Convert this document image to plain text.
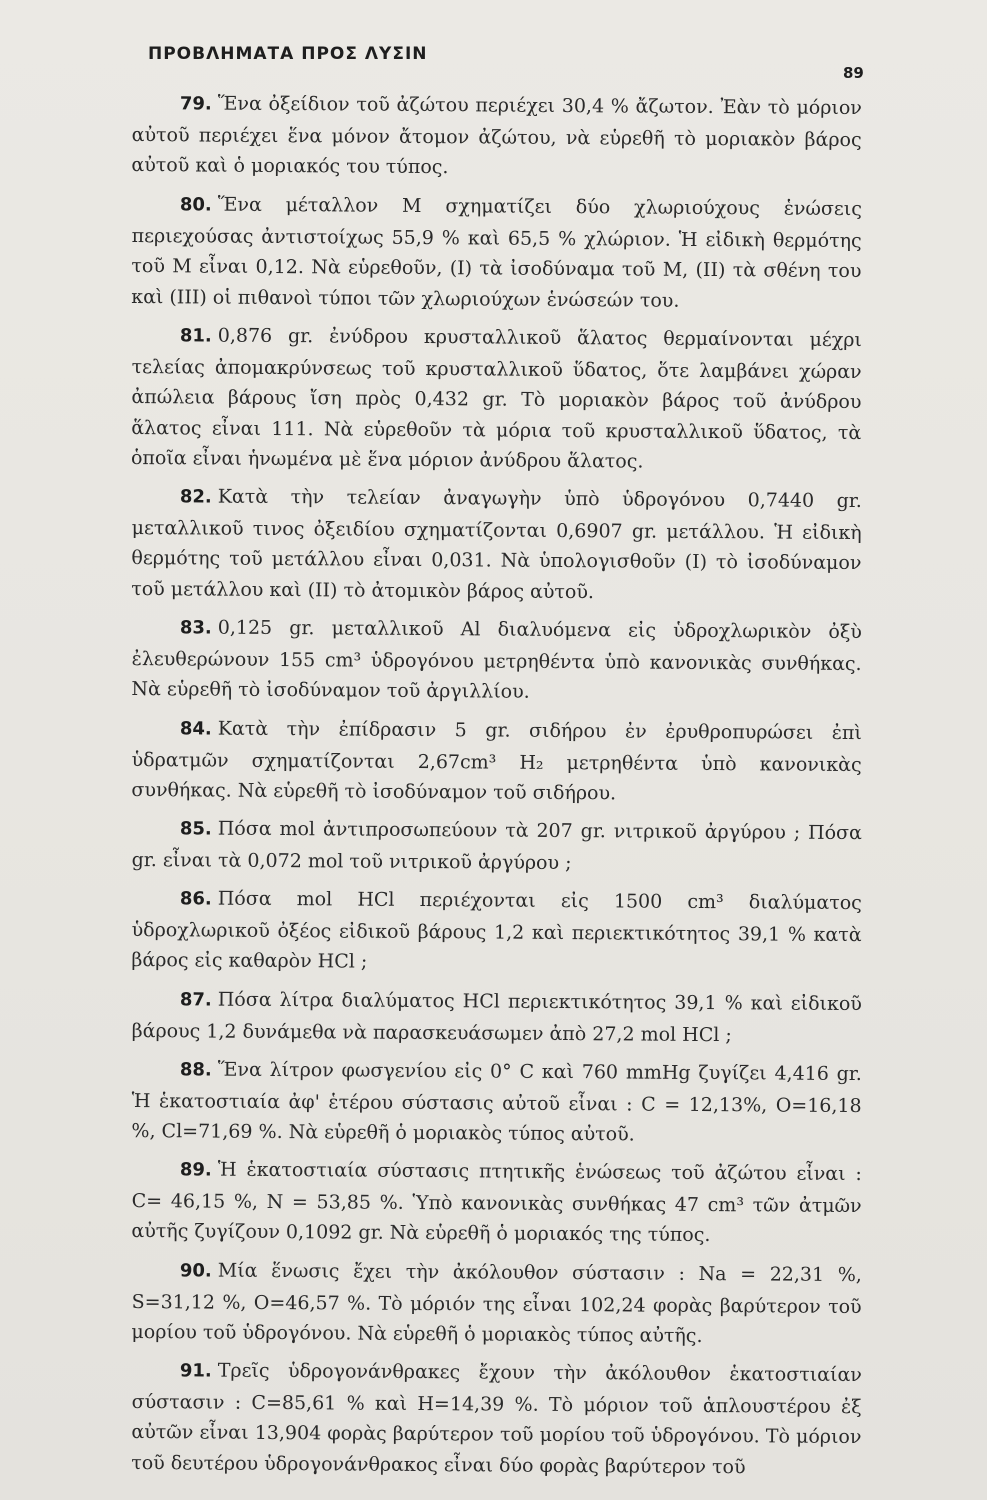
ΠΡΟΒΛΗΜΑΤΑ ΠΡΟΣ ΛΥΣΙΝ
89

79. Ἕνα ὀξείδιον τοῦ ἀζώτου περιέχει 30,4 % ἄζωτον. Ἐὰν τὸ μόριον αὐτοῦ περιέχει ἕνα μόνον ἄτομον ἀζώτου, νὰ εὑρεθῆ τὸ μοριακὸν βάρος αὐτοῦ καὶ ὁ μοριακός του τύπος.

80. Ἕνα μέταλλον Μ σχηματίζει δύο χλωριούχους ἑνώσεις περιεχούσας ἀντιστοίχως 55,9 % καὶ 65,5 % χλώριον. Ἡ εἰδικὴ θερμότης τοῦ Μ εἶναι 0,12. Νὰ εὑρεθοῦν, (Ι) τὰ ἰσοδύναμα τοῦ Μ, (ΙΙ) τὰ σθένη του καὶ (ΙΙΙ) οἱ πιθανοὶ τύποι τῶν χλωριούχων ἑνώσεών του.

81. 0,876 gr. ἐνύδρου κρυσταλλικοῦ ἅλατος θερμαίνονται μέχρι τελείας ἀπομακρύνσεως τοῦ κρυσταλλικοῦ ὕδατος, ὅτε λαμβάνει χώραν ἀπώλεια βάρους ἴση πρὸς 0,432 gr. Τὸ μοριακὸν βάρος τοῦ ἀνύδρου ἅλατος εἶναι 111. Νὰ εὑρεθοῦν τὰ μόρια τοῦ κρυσταλλικοῦ ὕδατος, τὰ ὁποῖα εἶναι ἡνωμένα μὲ ἕνα μόριον ἀνύδρου ἅλατος.

82. Κατὰ τὴν τελείαν ἀναγωγὴν ὑπὸ ὑδρογόνου 0,7440 gr. μεταλλικοῦ τινος ὀξειδίου σχηματίζονται 0,6907 gr. μετάλλου. Ἡ εἰδικὴ θερμότης τοῦ μετάλλου εἶναι 0,031. Νὰ ὑπολογισθοῦν (Ι) τὸ ἰσοδύναμον τοῦ μετάλλου καὶ (ΙΙ) τὸ ἀτομικὸν βάρος αὐτοῦ.

83. 0,125 gr. μεταλλικοῦ Al διαλυόμενα εἰς ὑδροχλωρικὸν ὀξὺ ἐλευθερώνουν 155 cm³ ὑδρογόνου μετρηθέντα ὑπὸ κανονικὰς συνθήκας. Νὰ εὑρεθῆ τὸ ἰσοδύναμον τοῦ ἀργιλλίου.

84. Κατὰ τὴν ἐπίδρασιν 5 gr. σιδήρου ἐν ἐρυθροπυρώσει ἐπὶ ὑδρατμῶν σχηματίζονται 2,67cm³ H₂ μετρηθέντα ὑπὸ κανονικὰς συνθήκας. Νὰ εὑρεθῆ τὸ ἰσοδύναμον τοῦ σιδήρου.

85. Πόσα mol ἀντιπροσωπεύουν τὰ 207 gr. νιτρικοῦ ἀργύρου ; Πόσα gr. εἶναι τὰ 0,072 mol τοῦ νιτρικοῦ ἀργύρου ;

86. Πόσα mol HCl περιέχονται εἰς 1500 cm³ διαλύματος ὑδροχλωρικοῦ ὀξέος εἰδικοῦ βάρους 1,2 καὶ περιεκτικότητος 39,1 % κατὰ βάρος εἰς καθαρὸν HCl ;

87. Πόσα λίτρα διαλύματος HCl περιεκτικότητος 39,1 % καὶ εἰδικοῦ βάρους 1,2 δυνάμεθα νὰ παρασκευάσωμεν ἀπὸ 27,2 mol HCl ;

88. Ἕνα λίτρον φωσγενίου εἰς 0° C καὶ 760 mmHg ζυγίζει 4,416 gr. Ἡ ἑκατοστιαία ἀφ' ἑτέρου σύστασις αὐτοῦ εἶναι : C = 12,13%, O=16,18 %, Cl=71,69 %. Νὰ εὑρεθῆ ὁ μοριακὸς τύπος αὐτοῦ.

89. Ἡ ἑκατοστιαία σύστασις πτητικῆς ἑνώσεως τοῦ ἀζώτου εἶναι : C= 46,15 %, N = 53,85 %. Ὑπὸ κανονικὰς συνθήκας 47 cm³ τῶν ἀτμῶν αὐτῆς ζυγίζουν 0,1092 gr. Νὰ εὑρεθῆ ὁ μοριακός της τύπος.

90. Μία ἕνωσις ἔχει τὴν ἀκόλουθον σύστασιν : Na = 22,31 %, S=31,12 %, O=46,57 %. Τὸ μόριόν της εἶναι 102,24 φορὰς βαρύτερον τοῦ μορίου τοῦ ὑδρογόνου. Νὰ εὑρεθῆ ὁ μοριακὸς τύπος αὐτῆς.

91. Τρεῖς ὑδρογονάνθρακες ἔχουν τὴν ἀκόλουθον ἑκατοστιαίαν σύστασιν : C=85,61 % καὶ H=14,39 %. Τὸ μόριον τοῦ ἁπλουστέρου ἐξ αὐτῶν εἶναι 13,904 φορὰς βαρύτερον τοῦ μορίου τοῦ ὑδρογόνου. Τὸ μόριον τοῦ δευτέρου ὑδρογονάνθρακος εἶναι δύο φορὰς βαρύτερον τοῦ
